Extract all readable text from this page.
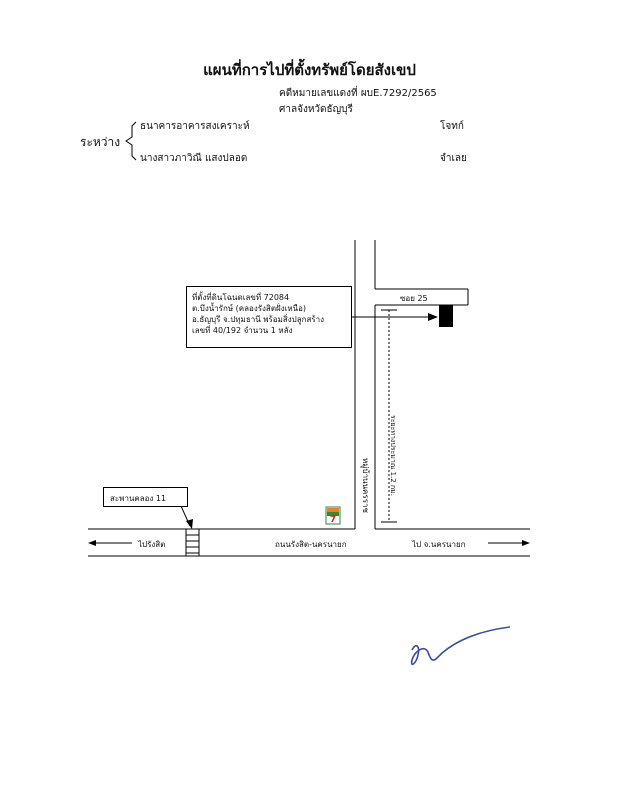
แผนที่การไปที่ตั้งทรัพย์โดยสังเขป
คดีหมายเลขแดงที่ ผบE.7292/2565
ศาลจังหวัดธัญบุรี
ระหว่าง
ธนาคารอาคารสงเคราะห์	โจทก์
นางสาวภาวิณี แสงปลอด	จำเลย
7
ที่ตั้งที่ดินโฉนดเลขที่ 72084
ต.บึงน้ำรักษ์ (คลองรังสิตฝั่งเหนือ)
อ.ธัญบุรี จ.ปทุมธานี พร้อมสิ่งปลูกสร้าง
เลขที่ 40/192 จำนวน 1 หลัง
ซอย 25
ระยะทางประมาณ 1.2 กม.
หมู่บ้านนครราช
สะพานคลอง 11
ไปรังสิต	ถนนรังสิต-นครนายก	ไป จ.นครนายก
